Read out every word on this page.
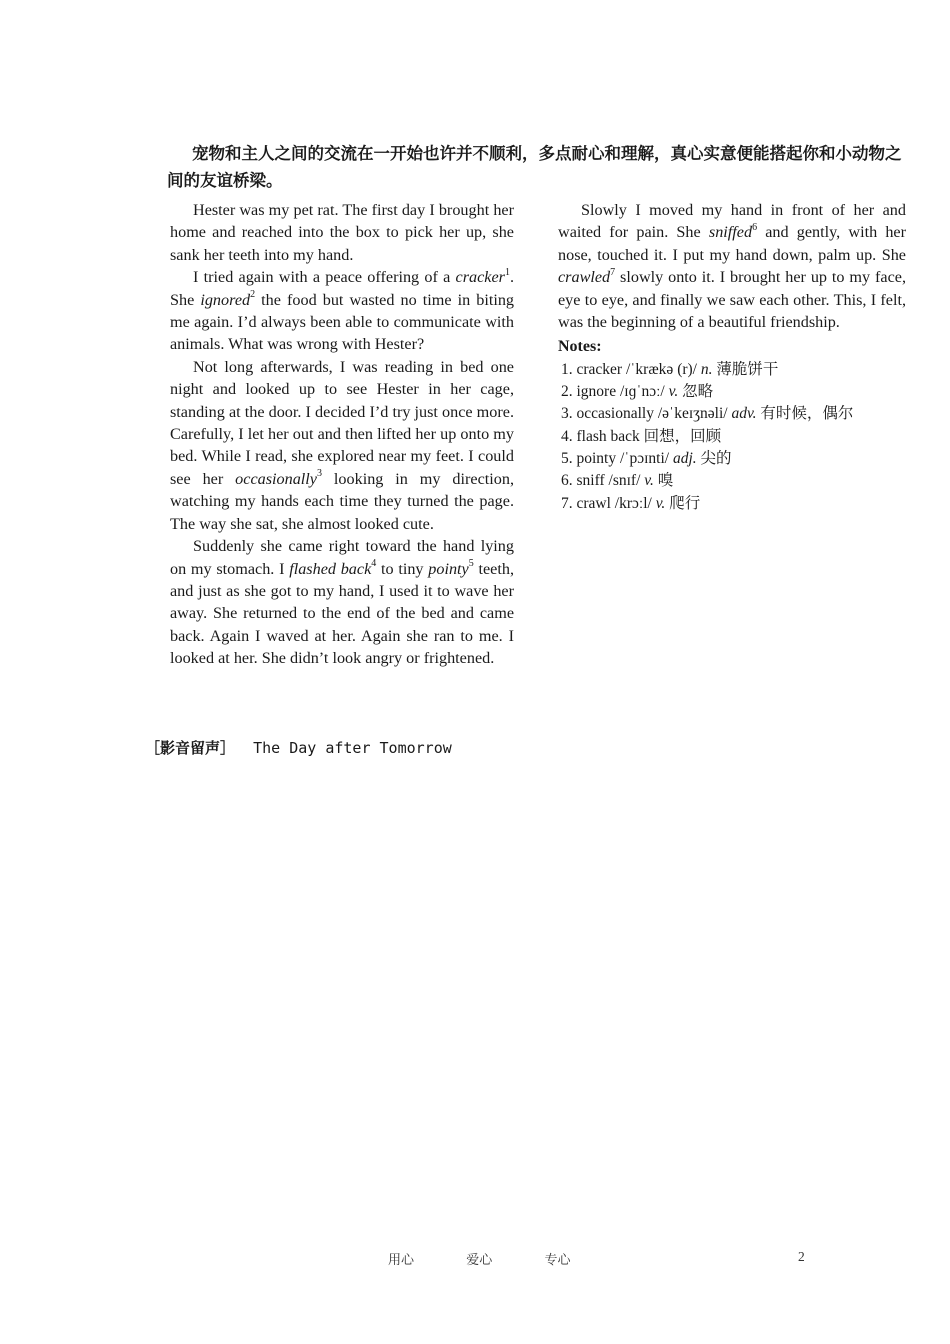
宠物和主人之间的交流在一开始也许并不顺利，多点耐心和理解，真心实意便能搭起你和小动物之间的友谊桥梁。

Hester was my pet rat. The first day I brought her home and reached into the box to pick her up, she sank her teeth into my hand.

I tried again with a peace offering of a cracker$^1$. She ignored$^2$ the food but wasted no time in biting me again. I’d always been able to communicate with animals. What was wrong with Hester?

Not long afterwards, I was reading in bed one night and looked up to see Hester in her cage, standing at the door. I decided I’d try just once more. Carefully, I let her out and then lifted her up onto my bed. While I read, she explored near my feet. I could see her occasionally$^3$ looking in my direction, watching my hands each time they turned the page. The way she sat, she almost looked cute.

Suddenly she came right toward the hand lying on my stomach. I flashed back$^4$ to tiny pointy$^5$ teeth, and just as she got to my hand, I used it to wave her away. She returned to the end of the bed and came back. Again I waved at her. Again she ran to me. I looked at her. She didn’t look angry or frightened.

Slowly I moved my hand in front of her and waited for pain. She sniffed$^6$ and gently, with her nose, touched it. I put my hand down, palm up. She crawled$^7$ slowly onto it. I brought her up to my face, eye to eye, and finally we saw each other. This, I felt, was the beginning of a beautiful friendship.

Notes:

1. cracker /ˈkrækə (r)/ n. 薄脆饼干
2. ignore /ɪɡˈnɔː/ v. 忽略
3. occasionally /əˈkeɪʒnəli/ adv. 有时候，偶尔
4. flash back 回想，回顾
5. pointy /ˈpɔɪnti/ adj. 尖的
6. sniff /snɪf/ v. 嗅
7. crawl /krɔːl/ v. 爬行
［影音留声］ The Day after Tomorrow
用心  爱心  专心	2
